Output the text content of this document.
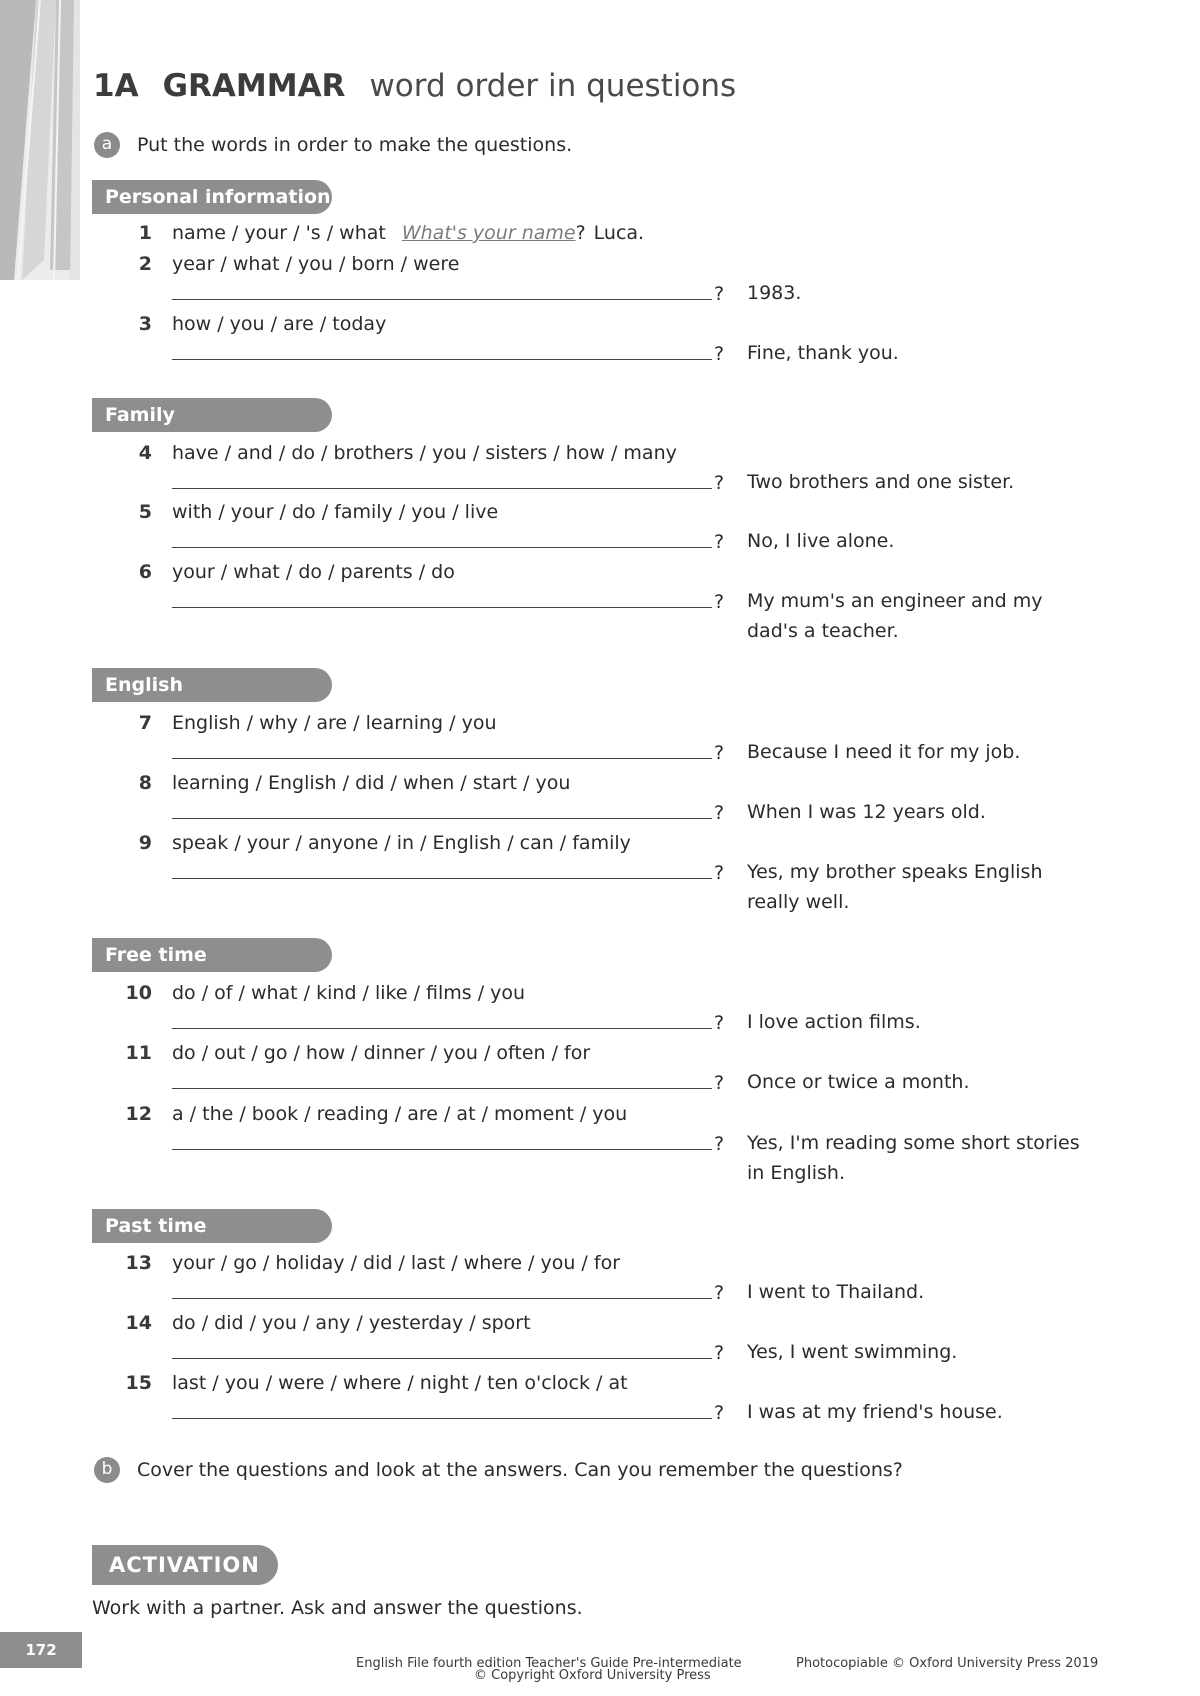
1A GRAMMAR word order in questions
a	Put the words in order to make the questions.
Personal information
1 name / your / 's / what What's your name? Luca.
2 year / what / you / born / were
? 1983.
3 how / you / are / today
? Fine, thank you.
Family
4 have / and / do / brothers / you / sisters / how / many
? Two brothers and one sister.
5 with / your / do / family / you / live
? No, I live alone.
6 your / what / do / parents / do
? My mum's an engineer and my dad's a teacher.
English
7 English / why / are / learning / you
? Because I need it for my job.
8 learning / English / did / when / start / you
? When I was 12 years old.
9 speak / your / anyone / in / English / can / family
? Yes, my brother speaks English really well.
Free time
10 do / of / what / kind / like / films / you
? I love action films.
11 do / out / go / how / dinner / you / often / for
? Once or twice a month.
12 a / the / book / reading / are / at / moment / you
? Yes, I'm reading some short stories in English.
Past time
13 your / go / holiday / did / last / where / you / for
? I went to Thailand.
14 do / did / you / any / yesterday / sport
? Yes, I went swimming.
15 last / you / were / where / night / ten o'clock / at
? I was at my friend's house.
b	Cover the questions and look at the answers. Can you remember the questions?
ACTIVATION
Work with a partner. Ask and answer the questions.
172
English File fourth edition Teacher's Guide Pre-intermediate	Photocopiable © Oxford University Press 2019
© Copyright Oxford University Press
